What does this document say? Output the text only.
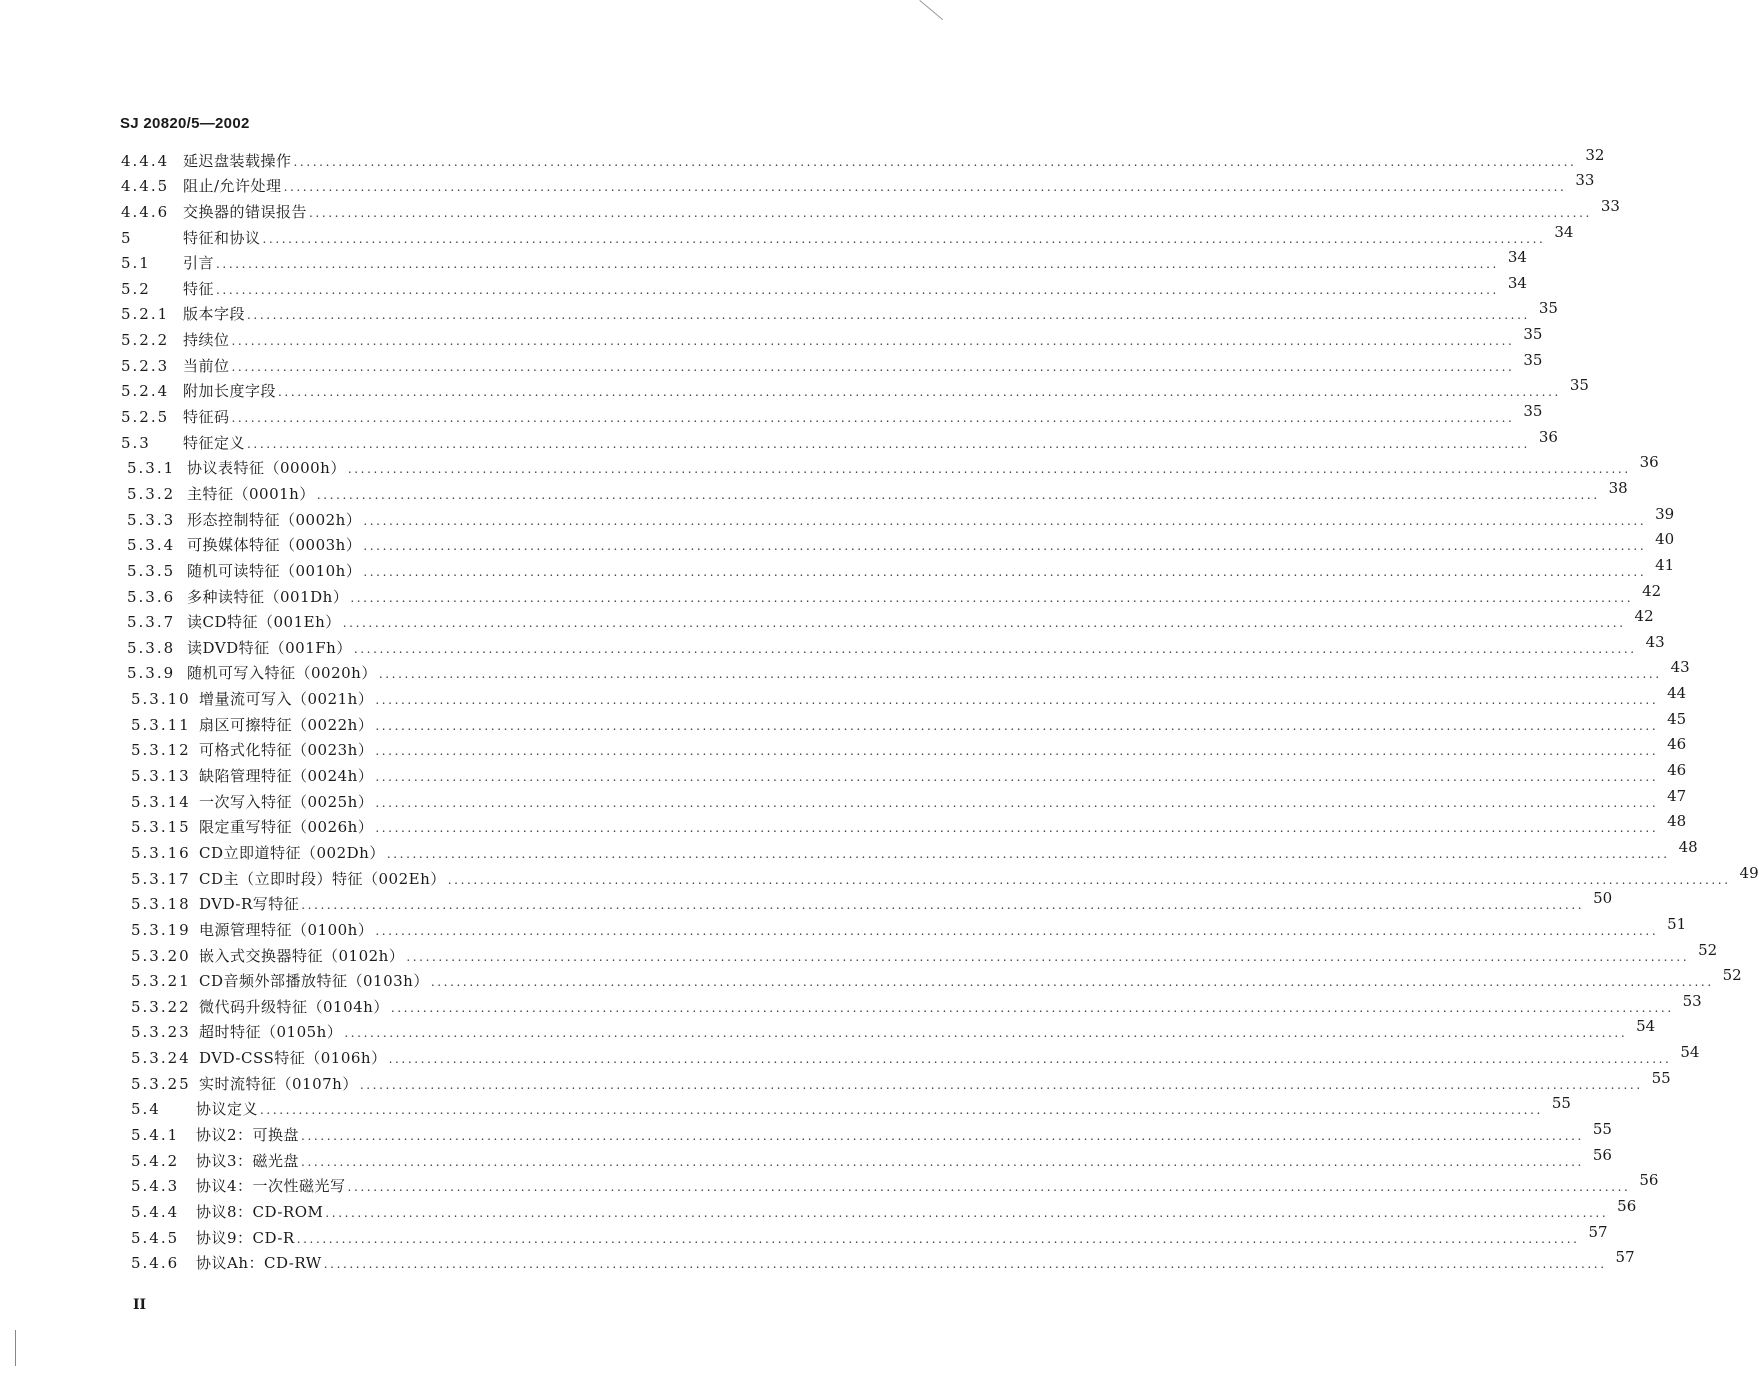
SJ 20820/5—2002
4.4.4 延迟盘装载操作 ........................................................................................................................................................................................................ 32
4.4.5 阻止/允许处理 ........................................................................................................................................................................................................ 33
4.4.6 交换器的错误报告 ........................................................................................................................................................................................................ 33
5	特征和协议 ........................................................................................................................................................................................................ 34
5.1	引言 ........................................................................................................................................................................................................ 34
5.2	特征 ........................................................................................................................................................................................................ 34
5.2.1 版本字段 ........................................................................................................................................................................................................ 35
5.2.2 持续位 ........................................................................................................................................................................................................ 35
5.2.3 当前位 ........................................................................................................................................................................................................ 35
5.2.4 附加长度字段 ........................................................................................................................................................................................................ 35
5.2.5 特征码 ........................................................................................................................................................................................................ 35
5.3	特征定义 ........................................................................................................................................................................................................ 36
5.3.1 协议表特征（0000h） ........................................................................................................................................................................................................ 36
5.3.2 主特征（0001h） ........................................................................................................................................................................................................ 38
5.3.3 形态控制特征（0002h） ........................................................................................................................................................................................................ 39
5.3.4 可换媒体特征（0003h） ........................................................................................................................................................................................................ 40
5.3.5 随机可读特征（0010h） ........................................................................................................................................................................................................ 41
5.3.6 多种读特征（001Dh） ........................................................................................................................................................................................................ 42
5.3.7 读CD特征（001Eh） ........................................................................................................................................................................................................ 42
5.3.8 读DVD特征（001Fh） ........................................................................................................................................................................................................ 43
5.3.9 随机可写入特征（0020h） ........................................................................................................................................................................................................ 43
5.3.10 增量流可写入（0021h） ........................................................................................................................................................................................................ 44
5.3.11 扇区可擦特征（0022h） ........................................................................................................................................................................................................ 45
5.3.12 可格式化特征（0023h） ........................................................................................................................................................................................................ 46
5.3.13 缺陷管理特征（0024h） ........................................................................................................................................................................................................ 46
5.3.14 一次写入特征（0025h） ........................................................................................................................................................................................................ 47
5.3.15 限定重写特征（0026h） ........................................................................................................................................................................................................ 48
5.3.16 CD立即道特征（002Dh） ........................................................................................................................................................................................................ 48
5.3.17 CD主（立即时段）特征（002Eh） ........................................................................................................................................................................................................ 49
5.3.18 DVD-R写特征 ........................................................................................................................................................................................................ 50
5.3.19 电源管理特征（0100h） ........................................................................................................................................................................................................ 51
5.3.20 嵌入式交换器特征（0102h） ........................................................................................................................................................................................................ 52
5.3.21 CD音频外部播放特征（0103h） ........................................................................................................................................................................................................ 52
5.3.22 微代码升级特征（0104h） ........................................................................................................................................................................................................ 53
5.3.23 超时特征（0105h） ........................................................................................................................................................................................................ 54
5.3.24 DVD-CSS特征（0106h） ........................................................................................................................................................................................................ 54
5.3.25 实时流特征（0107h） ........................................................................................................................................................................................................ 55
5.4	协议定义 ........................................................................................................................................................................................................ 55
5.4.1	协议2：可换盘 ........................................................................................................................................................................................................ 55
5.4.2	协议3：磁光盘 ........................................................................................................................................................................................................ 56
5.4.3	协议4：一次性磁光写 ........................................................................................................................................................................................................ 56
5.4.4	协议8：CD-ROM ........................................................................................................................................................................................................ 56
5.4.5	协议9：CD-R ........................................................................................................................................................................................................ 57
5.4.6	协议Ah：CD-RW ........................................................................................................................................................................................................ 57
II
